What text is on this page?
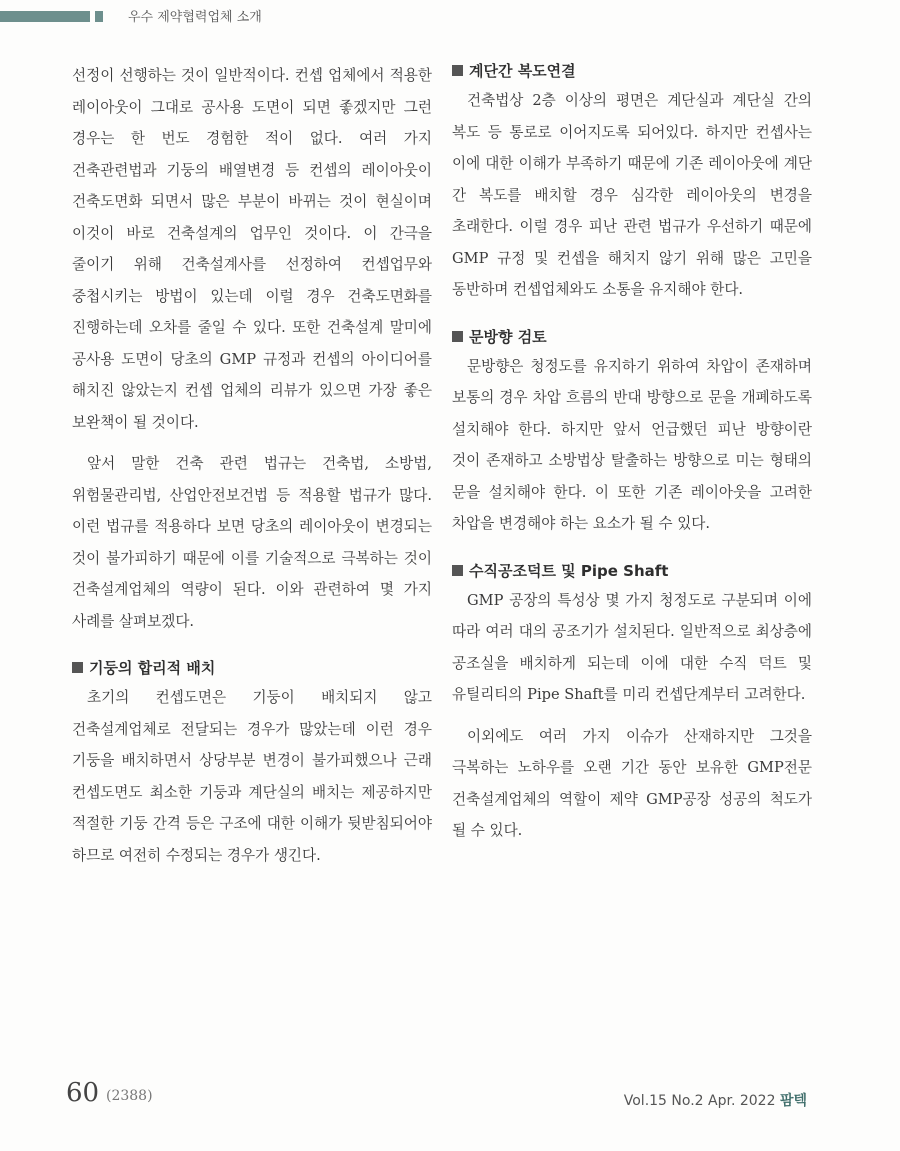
우수 제약협력업체 소개

선정이 선행하는 것이 일반적이다. 컨셉 업체에서 적용한 레이아웃이 그대로 공사용 도면이 되면 좋겠지만 그런 경우는 한 번도 경험한 적이 없다. 여러 가지 건축관련법과 기둥의 배열변경 등 컨셉의 레이아웃이 건축도면화 되면서 많은 부분이 바뀌는 것이 현실이며 이것이 바로 건축설계의 업무인 것이다. 이 간극을 줄이기 위해 건축설계사를 선정하여 컨셉업무와 중첩시키는 방법이 있는데 이럴 경우 건축도면화를 진행하는데 오차를 줄일 수 있다. 또한 건축설계 말미에 공사용 도면이 당초의 GMP 규정과 컨셉의 아이디어를 해치진 않았는지 컨셉 업체의 리뷰가 있으면 가장 좋은 보완책이 될 것이다.

앞서 말한 건축 관련 법규는 건축법, 소방법, 위험물관리법, 산업안전보건법 등 적용할 법규가 많다. 이런 법규를 적용하다 보면 당초의 레이아웃이 변경되는 것이 불가피하기 때문에 이를 기술적으로 극복하는 것이 건축설계업체의 역량이 된다. 이와 관련하여 몇 가지 사례를 살펴보겠다.

기둥의 합리적 배치

초기의 컨셉도면은 기둥이 배치되지 않고 건축설계업체로 전달되는 경우가 많았는데 이런 경우 기둥을 배치하면서 상당부분 변경이 불가피했으나 근래 컨셉도면도 최소한 기둥과 계단실의 배치는 제공하지만 적절한 기둥 간격 등은 구조에 대한 이해가 뒷받침되어야 하므로 여전히 수정되는 경우가 생긴다.

계단간 복도연결

건축법상 2층 이상의 평면은 계단실과 계단실 간의 복도 등 통로로 이어지도록 되어있다. 하지만 컨셉사는 이에 대한 이해가 부족하기 때문에 기존 레이아웃에 계단 간 복도를 배치할 경우 심각한 레이아웃의 변경을 초래한다. 이럴 경우 피난 관련 법규가 우선하기 때문에 GMP 규정 및 컨셉을 해치지 않기 위해 많은 고민을 동반하며 컨셉업체와도 소통을 유지해야 한다.

문방향 검토

문방향은 청정도를 유지하기 위하여 차압이 존재하며 보통의 경우 차압 흐름의 반대 방향으로 문을 개폐하도록 설치해야 한다. 하지만 앞서 언급했던 피난 방향이란 것이 존재하고 소방법상 탈출하는 방향으로 미는 형태의 문을 설치해야 한다. 이 또한 기존 레이아웃을 고려한 차압을 변경해야 하는 요소가 될 수 있다.

수직공조덕트 및 Pipe Shaft

GMP 공장의 특성상 몇 가지 청정도로 구분되며 이에 따라 여러 대의 공조기가 설치된다. 일반적으로 최상층에 공조실을 배치하게 되는데 이에 대한 수직 덕트 및 유틸리티의 Pipe Shaft를 미리 컨셉단계부터 고려한다.

이외에도 여러 가지 이슈가 산재하지만 그것을 극복하는 노하우를 오랜 기간 동안 보유한 GMP전문 건축설계업체의 역할이 제약 GMP공장 성공의 척도가 될 수 있다.

60 (2388)	Vol.15 No.2 Apr. 2022 팜텍
